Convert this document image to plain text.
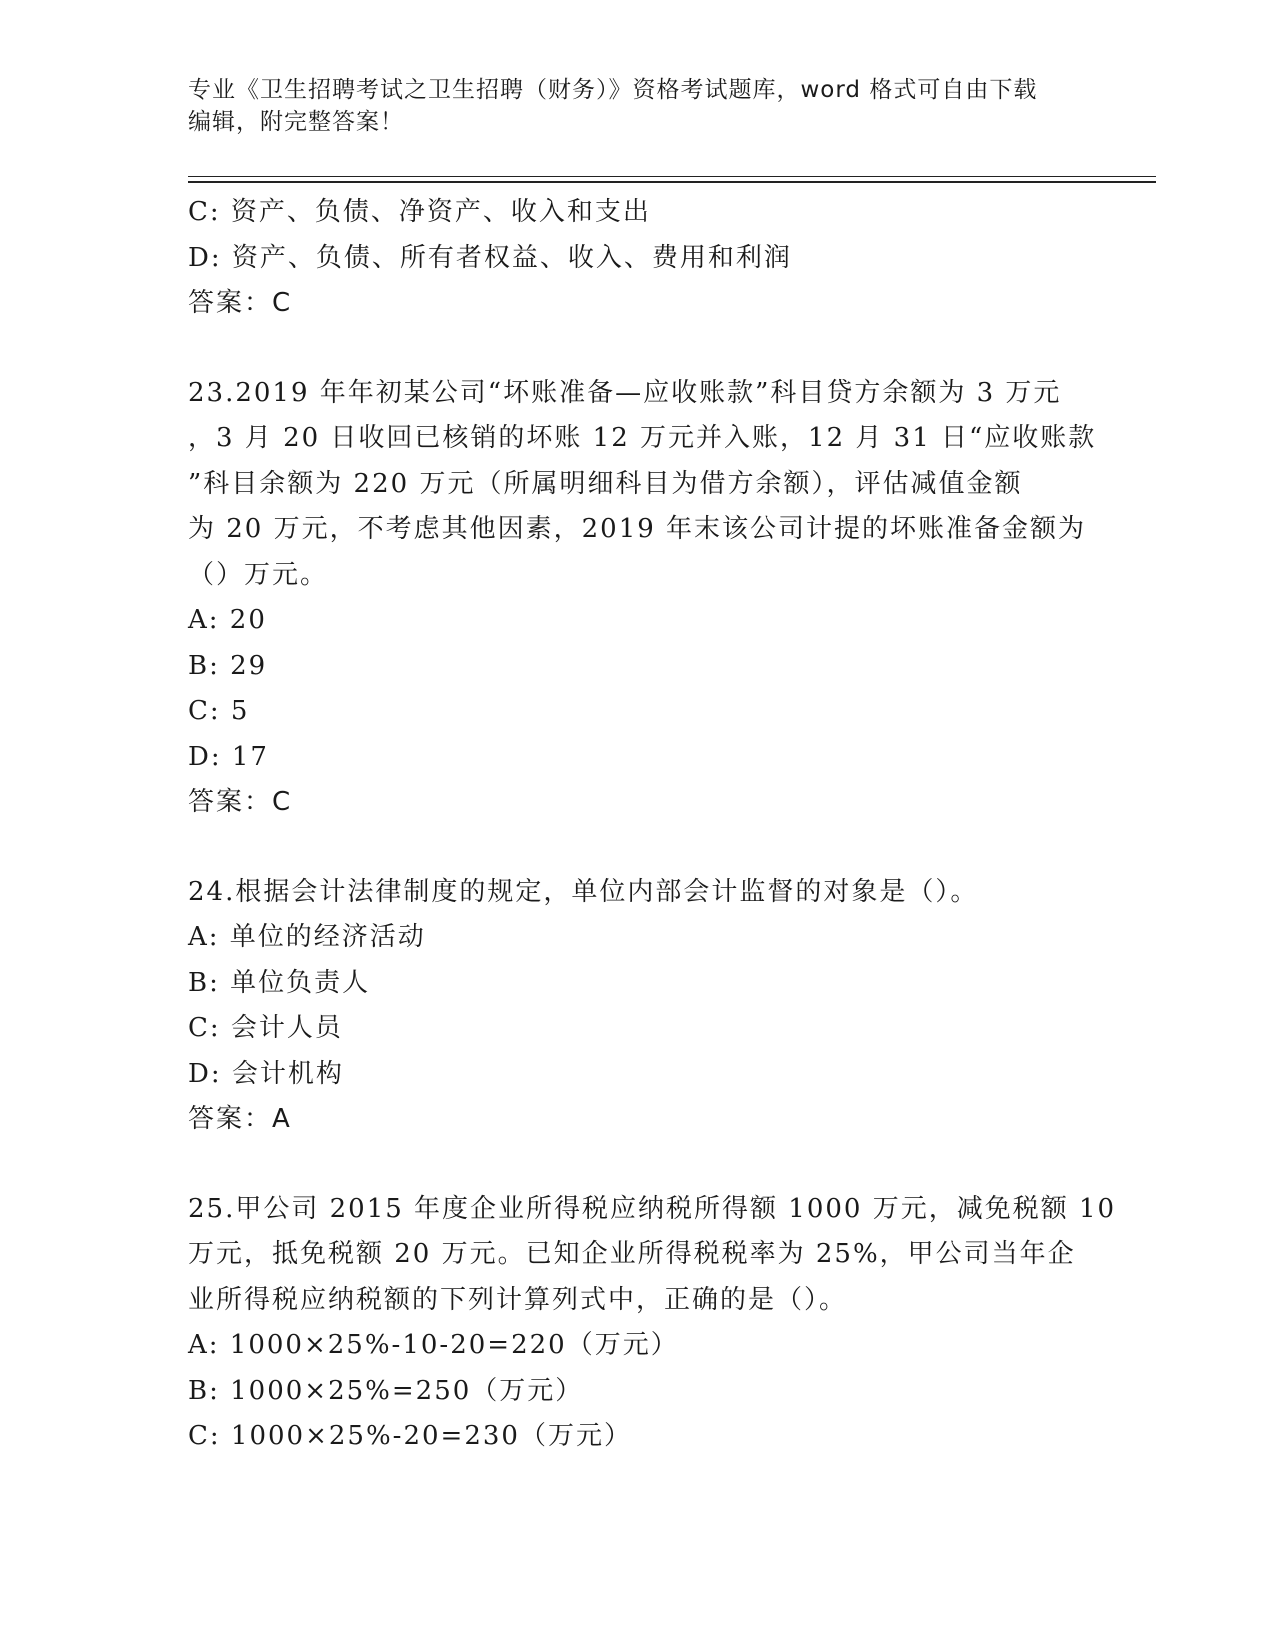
专业《卫生招聘考试之卫生招聘（财务）》资格考试题库，word 格式可自由下载
编辑，附完整答案！
C: 资产、负债、净资产、收入和支出
D: 资产、负债、所有者权益、收入、费用和利润
答案：C
23.2019 年年初某公司“坏账准备—应收账款”科目贷方余额为 3 万元
，3 月 20 日收回已核销的坏账 12 万元并入账，12 月 31 日“应收账款
”科目余额为 220 万元（所属明细科目为借方余额），评估减值金额
为 20 万元，不考虑其他因素，2019 年末该公司计提的坏账准备金额为
（）万元。
A: 20
B: 29
C: 5
D: 17
答案：C
24.根据会计法律制度的规定，单位内部会计监督的对象是（）。
A: 单位的经济活动
B: 单位负责人
C: 会计人员
D: 会计机构
答案：A
25.甲公司 2015 年度企业所得税应纳税所得额 1000 万元，减免税额 10
万元，抵免税额 20 万元。已知企业所得税税率为 25%，甲公司当年企
业所得税应纳税额的下列计算列式中，正确的是（）。
A: 1000×25%-10-20=220（万元）
B: 1000×25%=250（万元）
C: 1000×25%-20=230（万元）
